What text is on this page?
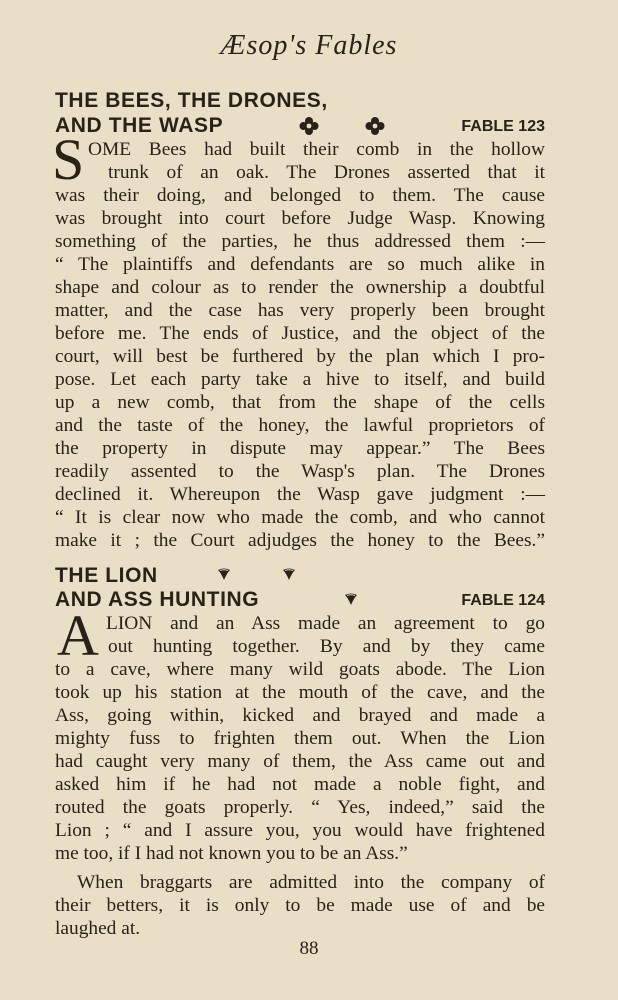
Æsop's Fables
THE BEES, THE DRONES,
AND THE WASP	FABLE 123
S OME Bees had built their comb in the hollow
trunk of an oak. The Drones asserted that it
was their doing, and belonged to them. The cause
was brought into court before Judge Wasp. Knowing
something of the parties, he thus addressed them :—
“ The plaintiffs and defendants are so much alike in
shape and colour as to render the ownership a doubtful
matter, and the case has very properly been brought
before me. The ends of Justice, and the object of the
court, will best be furthered by the plan which I pro-
pose. Let each party take a hive to itself, and build
up a new comb, that from the shape of the cells
and the taste of the honey, the lawful proprietors of
the property in dispute may appear.” The Bees
readily assented to the Wasp's plan. The Drones
declined it. Whereupon the Wasp gave judgment :—
“ It is clear now who made the comb, and who cannot
make it ; the Court adjudges the honey to the Bees.”
THE LION
AND ASS HUNTING	FABLE 124
A LION and an Ass made an agreement to go
out hunting together. By and by they came
to a cave, where many wild goats abode. The Lion
took up his station at the mouth of the cave, and the
Ass, going within, kicked and brayed and made a
mighty fuss to frighten them out. When the Lion
had caught very many of them, the Ass came out and
asked him if he had not made a noble fight, and
routed the goats properly. “ Yes, indeed,” said the
Lion ; “ and I assure you, you would have frightened
me too, if I had not known you to be an Ass.”
When braggarts are admitted into the company of
their betters, it is only to be made use of and be
laughed at.
88
